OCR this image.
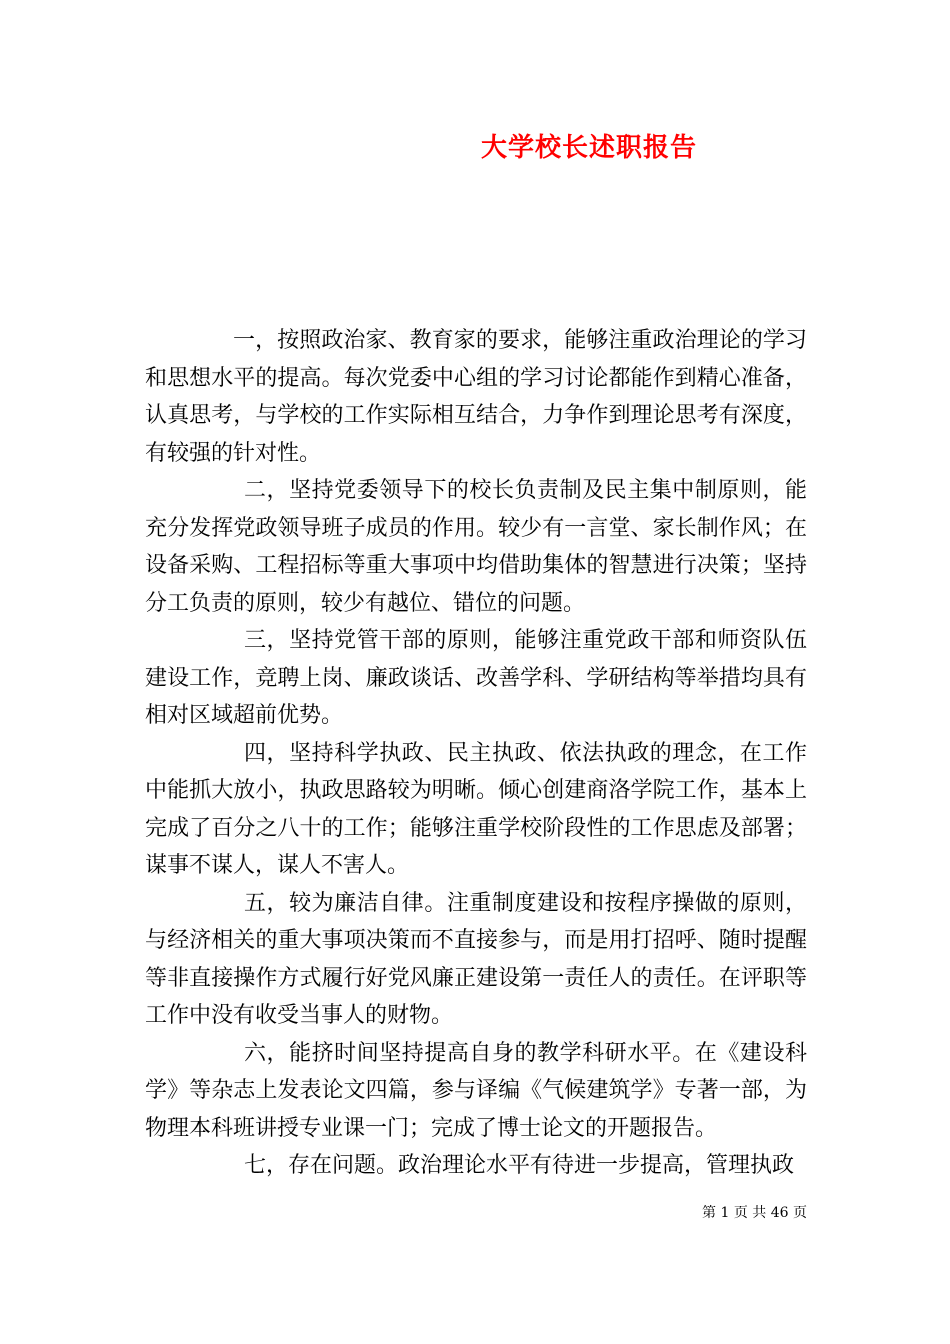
大学校长述职报告

一，按照政治家、教育家的要求，能够注重政治理论的学习和思想水平的提高。每次党委中心组的学习讨论都能作到精心准备，认真思考，与学校的工作实际相互结合，力争作到理论思考有深度，有较强的针对性。

二，坚持党委领导下的校长负责制及民主集中制原则，能充分发挥党政领导班子成员的作用。较少有一言堂、家长制作风；在设备采购、工程招标等重大事项中均借助集体的智慧进行决策；坚持分工负责的原则，较少有越位、错位的问题。

三，坚持党管干部的原则，能够注重党政干部和师资队伍建设工作，竞聘上岗、廉政谈话、改善学科、学研结构等举措均具有相对区域超前优势。

四，坚持科学执政、民主执政、依法执政的理念，在工作中能抓大放小，执政思路较为明晰。倾心创建商洛学院工作，基本上完成了百分之八十的工作；能够注重学校阶段性的工作思虑及部署；谋事不谋人，谋人不害人。

五，较为廉洁自律。注重制度建设和按程序操做的原则，与经济相关的重大事项决策而不直接参与，而是用打招呼、随时提醒等非直接操作方式履行好党风廉正建设第一责任人的责任。在评职等工作中没有收受当事人的财物。

六，能挤时间坚持提高自身的教学科研水平。在《建设科学》等杂志上发表论文四篇，参与译编《气候建筑学》专著一部，为物理本科班讲授专业课一门；完成了博士论文的开题报告。

七，存在问题。政治理论水平有待进一步提高，管理执政

第 1 页 共 46 页
